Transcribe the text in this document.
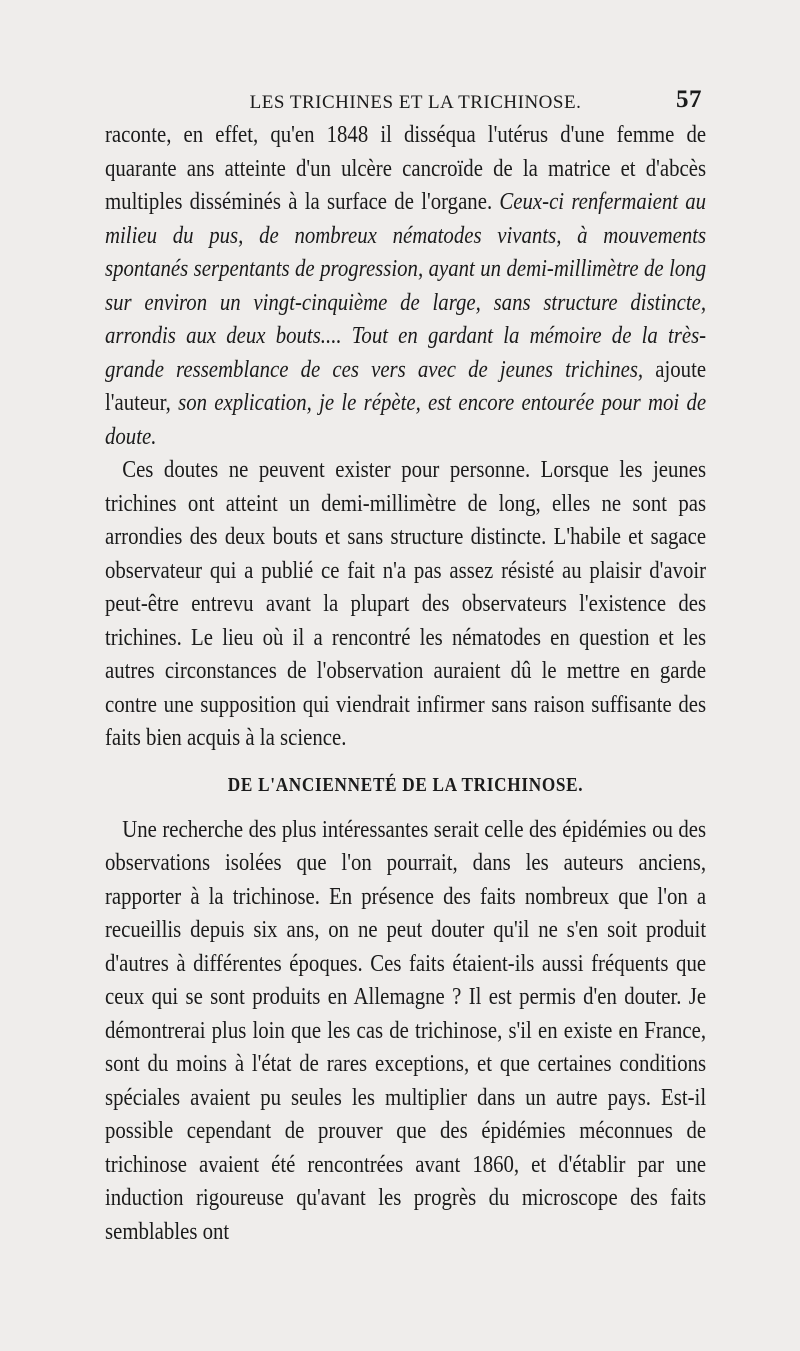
LES TRICHINES ET LA TRICHINOSE.	57

raconte, en effet, qu'en 1848 il disséqua l'utérus d'une femme de quarante ans atteinte d'un ulcère cancroïde de la matrice et d'abcès multiples disséminés à la surface de l'organe. Ceux-ci renfermaient au milieu du pus, de nombreux nématodes vivants, à mouvements spontanés serpentants de progression, ayant un demi-millimètre de long sur environ un vingt-cinquième de large, sans structure distincte, arrondis aux deux bouts.... Tout en gardant la mémoire de la très-grande ressemblance de ces vers avec de jeunes trichines, ajoute l'auteur, son explication, je le répète, est encore entourée pour moi de doute.

Ces doutes ne peuvent exister pour personne. Lorsque les jeunes trichines ont atteint un demi-millimètre de long, elles ne sont pas arrondies des deux bouts et sans structure distincte. L'habile et sagace observateur qui a publié ce fait n'a pas assez résisté au plaisir d'avoir peut-être entrevu avant la plupart des observateurs l'existence des trichines. Le lieu où il a rencontré les nématodes en question et les autres circonstances de l'observation auraient dû le mettre en garde contre une supposition qui viendrait infirmer sans raison suffisante des faits bien acquis à la science.

DE L'ANCIENNETÉ DE LA TRICHINOSE.

Une recherche des plus intéressantes serait celle des épidémies ou des observations isolées que l'on pourrait, dans les auteurs anciens, rapporter à la trichinose. En présence des faits nombreux que l'on a recueillis depuis six ans, on ne peut douter qu'il ne s'en soit produit d'autres à différentes époques. Ces faits étaient-ils aussi fréquents que ceux qui se sont produits en Allemagne ? Il est permis d'en douter. Je démontrerai plus loin que les cas de trichinose, s'il en existe en France, sont du moins à l'état de rares exceptions, et que certaines conditions spéciales avaient pu seules les multiplier dans un autre pays. Est-il possible cependant de prouver que des épidémies méconnues de trichinose avaient été rencontrées avant 1860, et d'établir par une induction rigoureuse qu'avant les progrès du microscope des faits semblables ont
